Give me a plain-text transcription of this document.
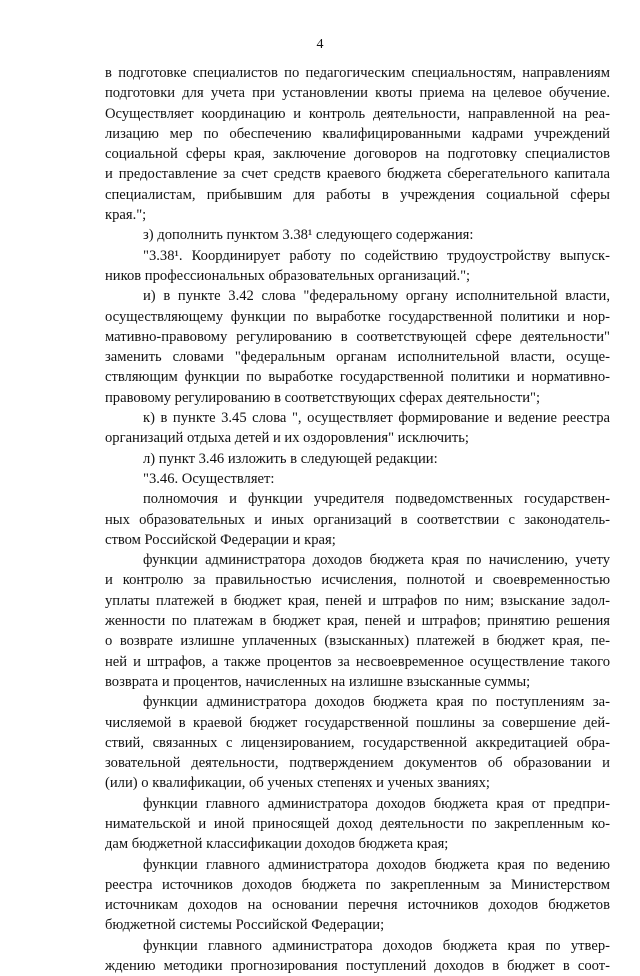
4
в подготовке специалистов по педагогическим специальностям, направлениям
подготовки для учета при установлении квоты приема на целевое обучение.
Осуществляет координацию и контроль деятельности, направленной на реа-
лизацию мер по обеспечению квалифицированными кадрами учреждений
социальной сферы края, заключение договоров на подготовку специалистов
и предоставление за счет средств краевого бюджета сберегательного капитала
специалистам, прибывшим для работы в учреждения социальной сферы
края.";
з) дополнить пунктом 3.38¹ следующего содержания:
"3.38¹. Координирует работу по содействию трудоустройству выпуск-
ников профессиональных образовательных организаций.";
и) в пункте 3.42 слова "федеральному органу исполнительной власти,
осуществляющему функции по выработке государственной политики и нор-
мативно-правовому регулированию в соответствующей сфере деятельности"
заменить словами "федеральным органам исполнительной власти, осуще-
ствляющим функции по выработке государственной политики и нормативно-
правовому регулированию в соответствующих сферах деятельности";
к) в пункте 3.45 слова ", осуществляет формирование и ведение реестра
организаций отдыха детей и их оздоровления" исключить;
л) пункт 3.46 изложить в следующей редакции:
"3.46. Осуществляет:
полномочия и функции учредителя подведомственных государствен-
ных образовательных и иных организаций в соответствии с законодатель-
ством Российской Федерации и края;
функции администратора доходов бюджета края по начислению, учету
и контролю за правильностью исчисления, полнотой и своевременностью
уплаты платежей в бюджет края, пеней и штрафов по ним; взыскание задол-
женности по платежам в бюджет края, пеней и штрафов; принятию решения
о возврате излишне уплаченных (взысканных) платежей в бюджет края, пе-
ней и штрафов, а также процентов за несвоевременное осуществление такого
возврата и процентов, начисленных на излишне взысканные суммы;
функции администратора доходов бюджета края по поступлениям за-
числяемой в краевой бюджет государственной пошлины за совершение дей-
ствий, связанных с лицензированием, государственной аккредитацией обра-
зовательной деятельности, подтверждением документов об образовании и
(или) о квалификации, об ученых степенях и ученых званиях;
функции главного администратора доходов бюджета края от предпри-
нимательской и иной приносящей доход деятельности по закрепленным ко-
дам бюджетной классификации доходов бюджета края;
функции главного администратора доходов бюджета края по ведению
реестра источников доходов бюджета по закрепленным за Министерством
источникам доходов на основании перечня источников доходов бюджетов
бюджетной системы Российской Федерации;
функции главного администратора доходов бюджета края по утвер-
ждению методики прогнозирования поступлений доходов в бюджет в соот-
